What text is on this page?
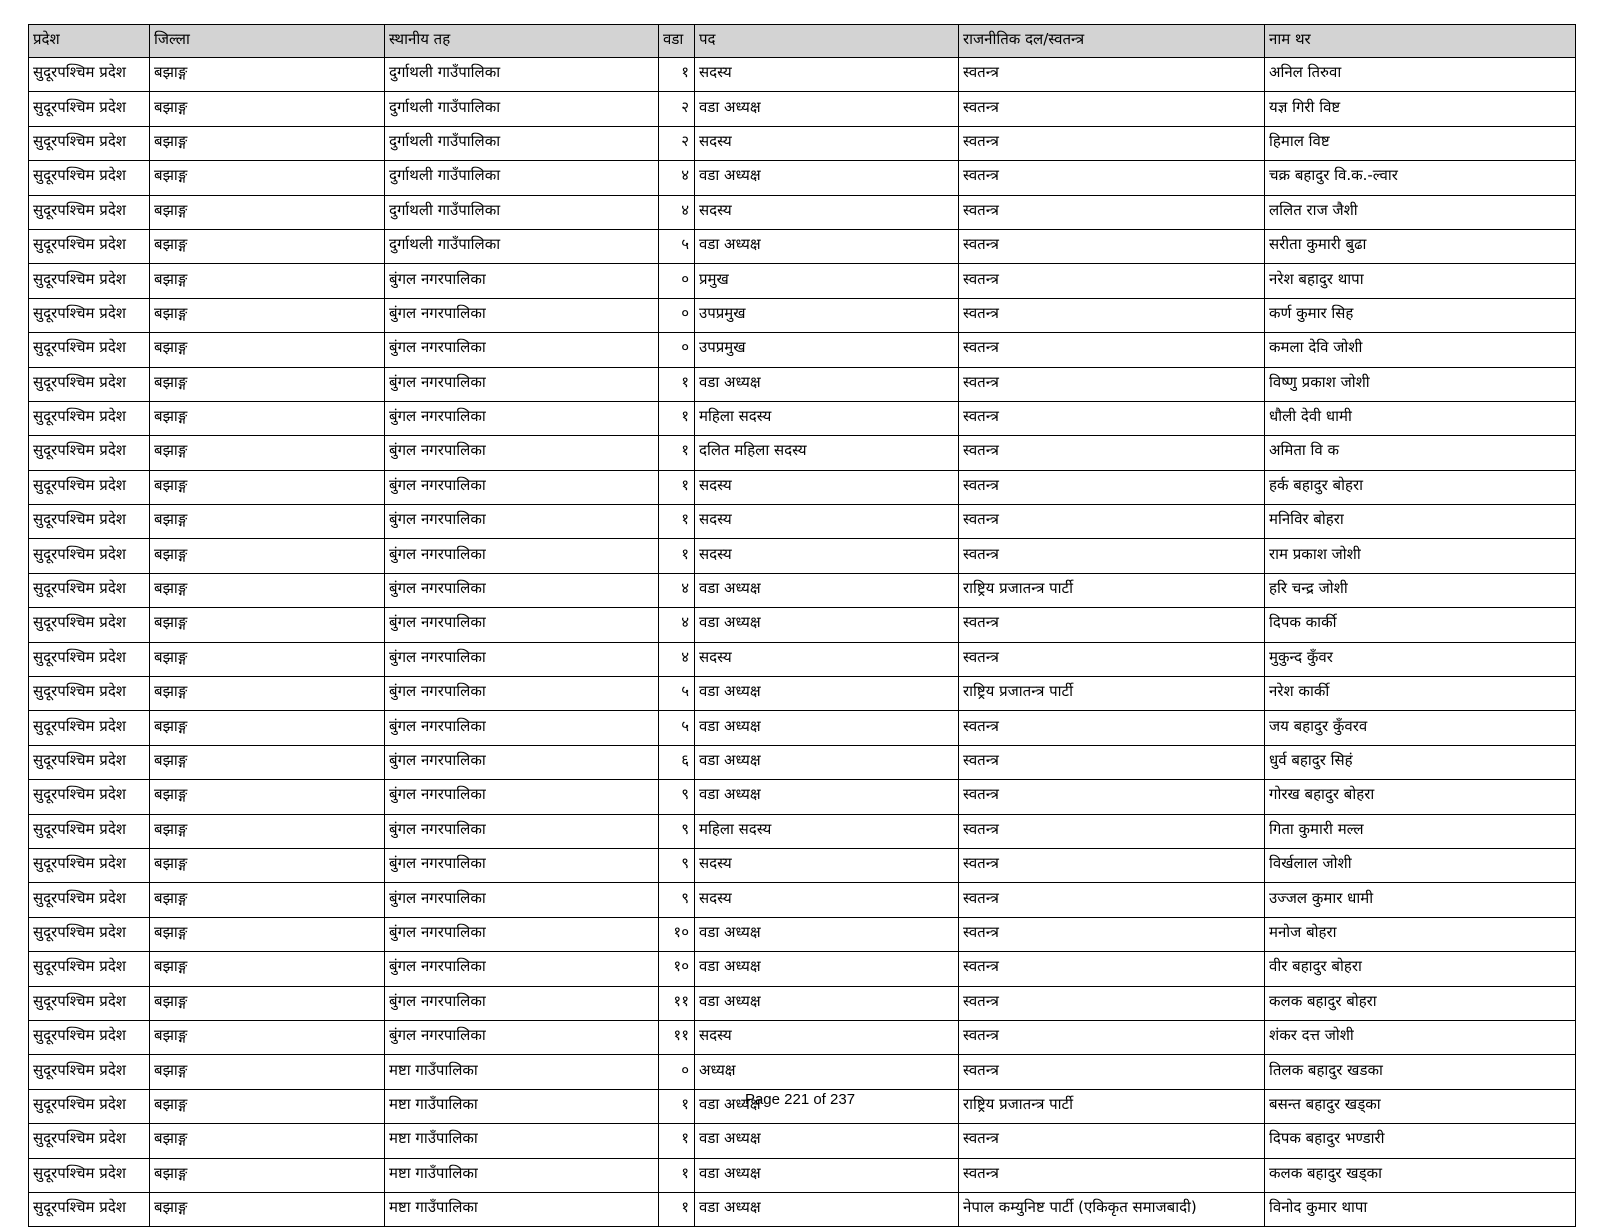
प्रदेश	जिल्ला	स्थानीय तह	वडा	पद	राजनीतिक दल/स्वतन्त्र	नाम थर
सुदूरपश्चिम प्रदेश	बझाङ्ग	दुर्गाथली गाउँपालिका	१	सदस्य	स्वतन्त्र	अनिल तिरुवा
सुदूरपश्चिम प्रदेश	बझाङ्ग	दुर्गाथली गाउँपालिका	२	वडा अध्यक्ष	स्वतन्त्र	यज्ञ गिरी विष्ट
सुदूरपश्चिम प्रदेश	बझाङ्ग	दुर्गाथली गाउँपालिका	२	सदस्य	स्वतन्त्र	हिमाल विष्ट
सुदूरपश्चिम प्रदेश	बझाङ्ग	दुर्गाथली गाउँपालिका	४	वडा अध्यक्ष	स्वतन्त्र	चक्र बहादुर वि.क.-ल्वार
सुदूरपश्चिम प्रदेश	बझाङ्ग	दुर्गाथली गाउँपालिका	४	सदस्य	स्वतन्त्र	ललित राज जैशी
सुदूरपश्चिम प्रदेश	बझाङ्ग	दुर्गाथली गाउँपालिका	५	वडा अध्यक्ष	स्वतन्त्र	सरीता कुमारी बुढा
सुदूरपश्चिम प्रदेश	बझाङ्ग	बुंगल नगरपालिका	०	प्रमुख	स्वतन्त्र	नरेश बहादुर थापा
सुदूरपश्चिम प्रदेश	बझाङ्ग	बुंगल नगरपालिका	०	उपप्रमुख	स्वतन्त्र	कर्ण कुमार सिह
सुदूरपश्चिम प्रदेश	बझाङ्ग	बुंगल नगरपालिका	०	उपप्रमुख	स्वतन्त्र	कमला देवि जोशी
सुदूरपश्चिम प्रदेश	बझाङ्ग	बुंगल नगरपालिका	१	वडा अध्यक्ष	स्वतन्त्र	विष्णु प्रकाश जोशी
सुदूरपश्चिम प्रदेश	बझाङ्ग	बुंगल नगरपालिका	१	महिला सदस्य	स्वतन्त्र	धौली देवी धामी
सुदूरपश्चिम प्रदेश	बझाङ्ग	बुंगल नगरपालिका	१	दलित महिला सदस्य	स्वतन्त्र	अमिता वि क
सुदूरपश्चिम प्रदेश	बझाङ्ग	बुंगल नगरपालिका	१	सदस्य	स्वतन्त्र	हर्क बहादुर बोहरा
सुदूरपश्चिम प्रदेश	बझाङ्ग	बुंगल नगरपालिका	१	सदस्य	स्वतन्त्र	मनिविर बोहरा
सुदूरपश्चिम प्रदेश	बझाङ्ग	बुंगल नगरपालिका	१	सदस्य	स्वतन्त्र	राम प्रकाश जोशी
सुदूरपश्चिम प्रदेश	बझाङ्ग	बुंगल नगरपालिका	४	वडा अध्यक्ष	राष्ट्रिय प्रजातन्त्र पार्टी	हरि चन्द्र जोशी
सुदूरपश्चिम प्रदेश	बझाङ्ग	बुंगल नगरपालिका	४	वडा अध्यक्ष	स्वतन्त्र	दिपक कार्की
सुदूरपश्चिम प्रदेश	बझाङ्ग	बुंगल नगरपालिका	४	सदस्य	स्वतन्त्र	मुकुन्द कुँवर
सुदूरपश्चिम प्रदेश	बझाङ्ग	बुंगल नगरपालिका	५	वडा अध्यक्ष	राष्ट्रिय प्रजातन्त्र पार्टी	नरेश कार्की
सुदूरपश्चिम प्रदेश	बझाङ्ग	बुंगल नगरपालिका	५	वडा अध्यक्ष	स्वतन्त्र	जय बहादुर कुँवरव
सुदूरपश्चिम प्रदेश	बझाङ्ग	बुंगल नगरपालिका	६	वडा अध्यक्ष	स्वतन्त्र	धुर्व बहादुर सिहं
सुदूरपश्चिम प्रदेश	बझाङ्ग	बुंगल नगरपालिका	९	वडा अध्यक्ष	स्वतन्त्र	गोरख बहादुर बोहरा
सुदूरपश्चिम प्रदेश	बझाङ्ग	बुंगल नगरपालिका	९	महिला सदस्य	स्वतन्त्र	गिता कुमारी मल्ल
सुदूरपश्चिम प्रदेश	बझाङ्ग	बुंगल नगरपालिका	९	सदस्य	स्वतन्त्र	विर्खलाल जोशी
सुदूरपश्चिम प्रदेश	बझाङ्ग	बुंगल नगरपालिका	९	सदस्य	स्वतन्त्र	उज्जल कुमार धामी
सुदूरपश्चिम प्रदेश	बझाङ्ग	बुंगल नगरपालिका	१०	वडा अध्यक्ष	स्वतन्त्र	मनोज बोहरा
सुदूरपश्चिम प्रदेश	बझाङ्ग	बुंगल नगरपालिका	१०	वडा अध्यक्ष	स्वतन्त्र	वीर बहादुर बोहरा
सुदूरपश्चिम प्रदेश	बझाङ्ग	बुंगल नगरपालिका	११	वडा अध्यक्ष	स्वतन्त्र	कलक बहादुर बोहरा
सुदूरपश्चिम प्रदेश	बझाङ्ग	बुंगल नगरपालिका	११	सदस्य	स्वतन्त्र	शंकर दत्त जोशी
सुदूरपश्चिम प्रदेश	बझाङ्ग	मष्टा गाउँपालिका	०	अध्यक्ष	स्वतन्त्र	तिलक बहादुर खडका
सुदूरपश्चिम प्रदेश	बझाङ्ग	मष्टा गाउँपालिका	१	वडा अध्यक्ष	राष्ट्रिय प्रजातन्त्र पार्टी	बसन्त बहादुर खड्का
सुदूरपश्चिम प्रदेश	बझाङ्ग	मष्टा गाउँपालिका	१	वडा अध्यक्ष	स्वतन्त्र	दिपक बहादुर भण्डारी
सुदूरपश्चिम प्रदेश	बझाङ्ग	मष्टा गाउँपालिका	१	वडा अध्यक्ष	स्वतन्त्र	कलक बहादुर खड्का
सुदूरपश्चिम प्रदेश	बझाङ्ग	मष्टा गाउँपालिका	१	वडा अध्यक्ष	नेपाल कम्युनिष्ट पार्टी (एकिकृत समाजबादी)	विनोद कुमार थापा
Page 221 of 237
